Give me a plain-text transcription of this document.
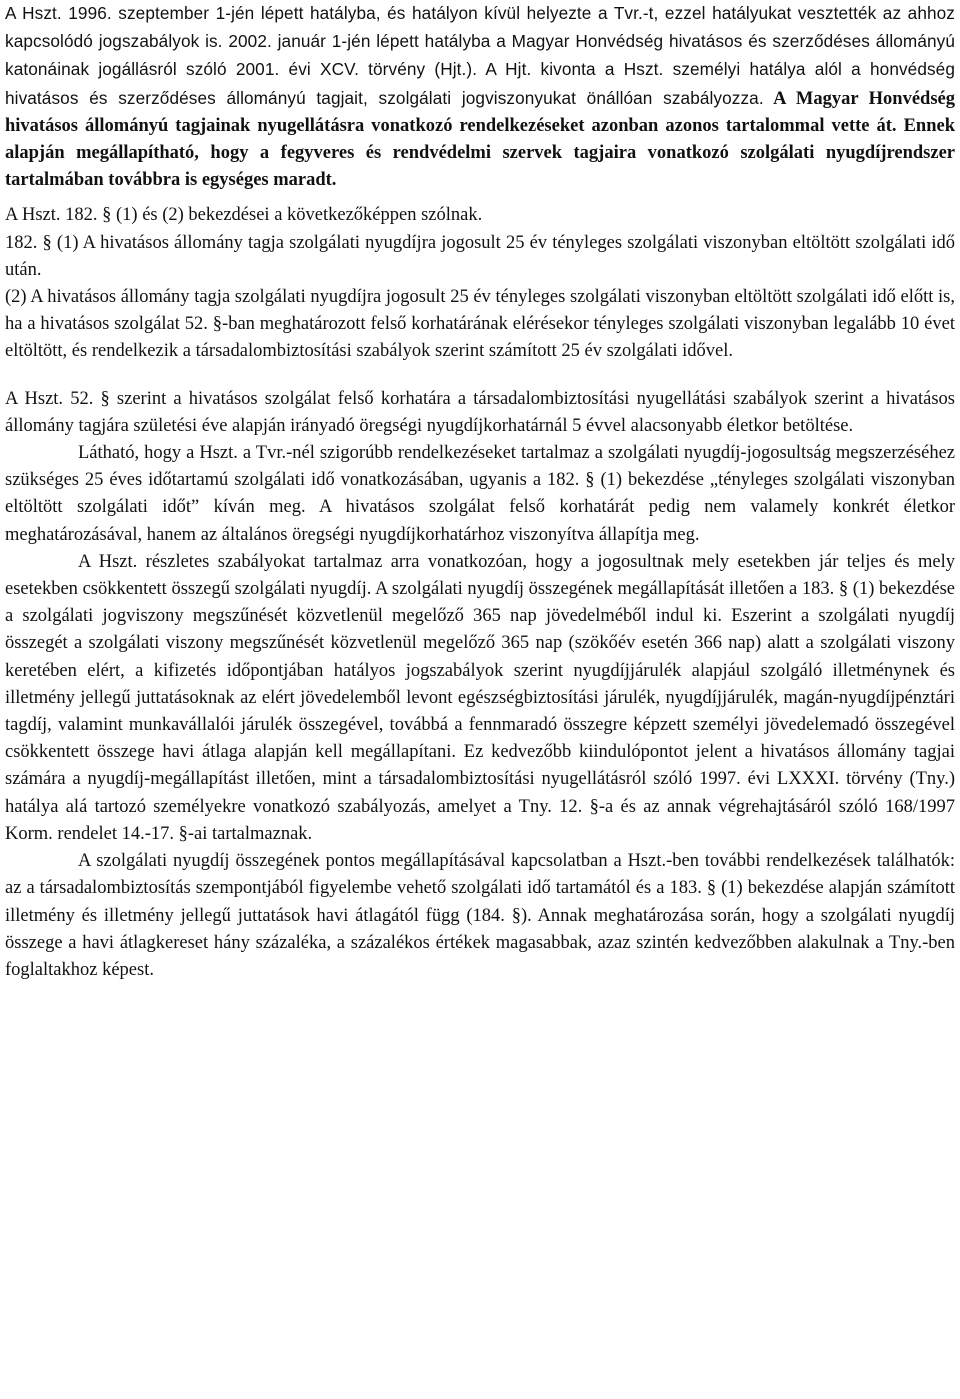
A Hszt. 1996. szeptember 1-jén lépett hatályba, és hatályon kívül helyezte a Tvr.-t, ezzel hatályukat vesztették az ahhoz kapcsolódó jogszabályok is. 2002. január 1-jén lépett hatályba a Magyar Honvédség hivatásos és szerződéses állományú katonáinak jogállásról szóló 2001. évi XCV. törvény (Hjt.). A Hjt. kivonta a Hszt. személyi hatálya alól a honvédség hivatásos és szerződéses állományú tagjait, szolgálati jogviszonyukat önállóan szabályozza. A Magyar Honvédség hivatásos állományú tagjainak nyugellátásra vonatkozó rendelkezéseket azonban azonos tartalommal vette át. Ennek alapján megállapítható, hogy a fegyveres és rendvédelmi szervek tagjaira vonatkozó szolgálati nyugdíjrendszer tartalmában továbbra is egységes maradt.

A Hszt. 182. § (1) és (2) bekezdései a következőképpen szólnak.

182. § (1) A hivatásos állomány tagja szolgálati nyugdíjra jogosult 25 év tényleges szolgálati viszonyban eltöltött szolgálati idő után.

(2) A hivatásos állomány tagja szolgálati nyugdíjra jogosult 25 év tényleges szolgálati viszonyban eltöltött szolgálati idő előtt is, ha a hivatásos szolgálat 52. §-ban meghatározott felső korhatárának elérésekor tényleges szolgálati viszonyban legalább 10 évet eltöltött, és rendelkezik a társadalombiztosítási szabályok szerint számított 25 év szolgálati idővel.

A Hszt. 52. § szerint a hivatásos szolgálat felső korhatára a társadalombiztosítási nyugellátási szabályok szerint a hivatásos állomány tagjára születési éve alapján irányadó öregségi nyugdíjkorhatárnál 5 évvel alacsonyabb életkor betöltése.

Látható, hogy a Hszt. a Tvr.-nél szigorúbb rendelkezéseket tartalmaz a szolgálati nyugdíj-jogosultság megszerzéséhez szükséges 25 éves időtartamú szolgálati idő vonatkozásában, ugyanis a 182. § (1) bekezdése „tényleges szolgálati viszonyban eltöltött szolgálati időt” kíván meg. A hivatásos szolgálat felső korhatárát pedig nem valamely konkrét életkor meghatározásával, hanem az általános öregségi nyugdíjkorhatárhoz viszonyítva állapítja meg.

A Hszt. részletes szabályokat tartalmaz arra vonatkozóan, hogy a jogosultnak mely esetekben jár teljes és mely esetekben csökkentett összegű szolgálati nyugdíj. A szolgálati nyugdíj összegének megállapítását illetően a 183. § (1) bekezdése a szolgálati jogviszony megszűnését közvetlenül megelőző 365 nap jövedelméből indul ki. Eszerint a szolgálati nyugdíj összegét a szolgálati viszony megszűnését közvetlenül megelőző 365 nap (szökőév esetén 366 nap) alatt a szolgálati viszony keretében elért, a kifizetés időpontjában hatályos jogszabályok szerint nyugdíjjárulék alapjául szolgáló illetménynek és illetmény jellegű juttatásoknak az elért jövedelemből levont egészségbiztosítási járulék, nyugdíjjárulék, magán-nyugdíjpénztári tagdíj, valamint munkavállalói járulék összegével, továbbá a fennmaradó összegre képzett személyi jövedelemadó összegével csökkentett összege havi átlaga alapján kell megállapítani. Ez kedvezőbb kiindulópontot jelent a hivatásos állomány tagjai számára a nyugdíj-megállapítást illetően, mint a társadalombiztosítási nyugellátásról szóló 1997. évi LXXXI. törvény (Tny.) hatálya alá tartozó személyekre vonatkozó szabályozás, amelyet a Tny. 12. §-a és az annak végrehajtásáról szóló 168/1997 Korm. rendelet 14.-17. §-ai tartalmaznak.

A szolgálati nyugdíj összegének pontos megállapításával kapcsolatban a Hszt.-ben további rendelkezések találhatók: az a társadalombiztosítás szempontjából figyelembe vehető szolgálati idő tartamától és a 183. § (1) bekezdése alapján számított illetmény és illetmény jellegű juttatások havi átlagától függ (184. §). Annak meghatározása során, hogy a szolgálati nyugdíj összege a havi átlagkereset hány százaléka, a százalékos értékek magasabbak, azaz szintén kedvezőbben alakulnak a Tny.-ben foglaltakhoz képest.
